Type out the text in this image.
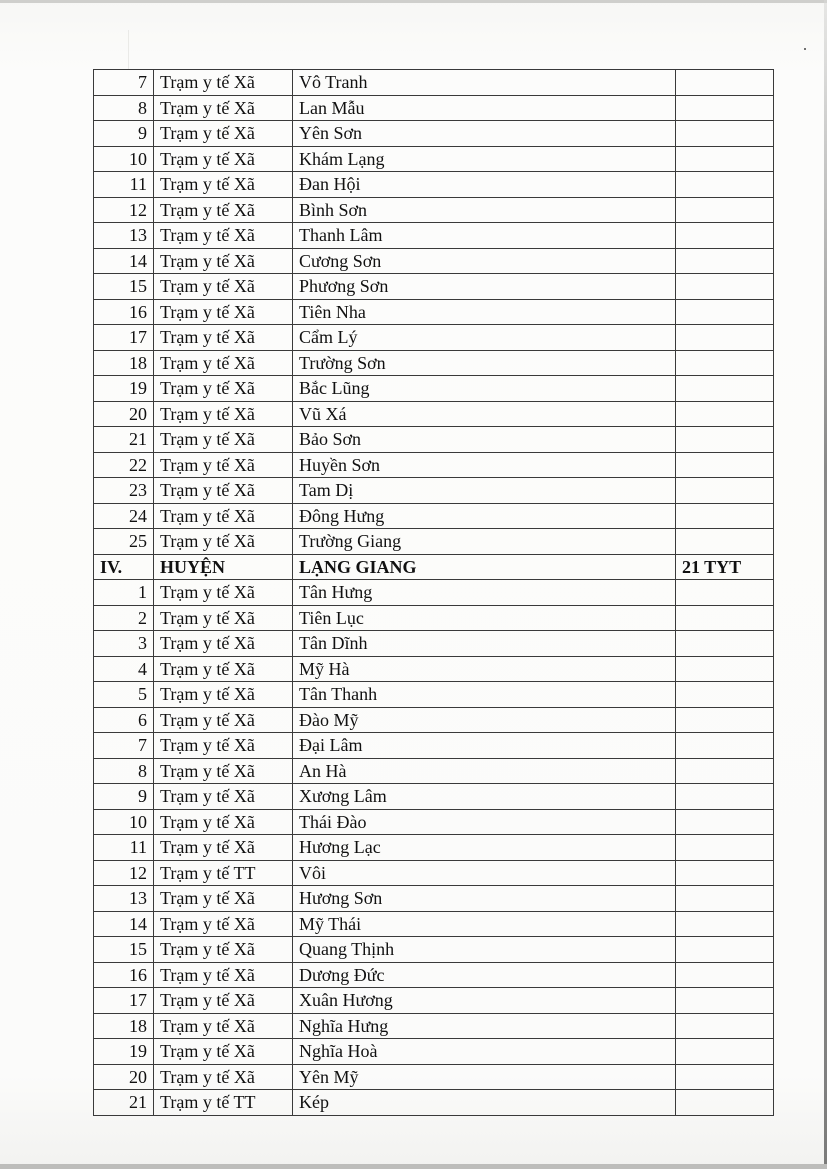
7	Trạm y tế Xã	Vô Tranh	
8	Trạm y tế Xã	Lan Mẫu	
9	Trạm y tế Xã	Yên Sơn	
10	Trạm y tế Xã	Khám Lạng	
11	Trạm y tế Xã	Đan Hội	
12	Trạm y tế Xã	Bình Sơn	
13	Trạm y tế Xã	Thanh Lâm	
14	Trạm y tế Xã	Cương Sơn	
15	Trạm y tế Xã	Phương Sơn	
16	Trạm y tế Xã	Tiên Nha	
17	Trạm y tế Xã	Cẩm Lý	
18	Trạm y tế Xã	Trường Sơn	
19	Trạm y tế Xã	Bắc Lũng	
20	Trạm y tế Xã	Vũ Xá	
21	Trạm y tế Xã	Bảo Sơn	
22	Trạm y tế Xã	Huyền Sơn	
23	Trạm y tế Xã	Tam Dị	
24	Trạm y tế Xã	Đông Hưng	
25	Trạm y tế Xã	Trường Giang	
IV.	HUYỆN	LẠNG GIANG	21 TYT
1	Trạm y tế Xã	Tân Hưng	
2	Trạm y tế Xã	Tiên Lục	
3	Trạm y tế Xã	Tân Dĩnh	
4	Trạm y tế Xã	Mỹ Hà	
5	Trạm y tế Xã	Tân Thanh	
6	Trạm y tế Xã	Đào Mỹ	
7	Trạm y tế Xã	Đại Lâm	
8	Trạm y tế Xã	An Hà	
9	Trạm y tế Xã	Xương Lâm	
10	Trạm y tế Xã	Thái Đào	
11	Trạm y tế Xã	Hương Lạc	
12	Trạm y tế TT	Vôi	
13	Trạm y tế Xã	Hương Sơn	
14	Trạm y tế Xã	Mỹ Thái	
15	Trạm y tế Xã	Quang Thịnh	
16	Trạm y tế Xã	Dương Đức	
17	Trạm y tế Xã	Xuân Hương	
18	Trạm y tế Xã	Nghĩa Hưng	
19	Trạm y tế Xã	Nghĩa Hoà	
20	Trạm y tế Xã	Yên Mỹ	
21	Trạm y tế TT	Kép	
